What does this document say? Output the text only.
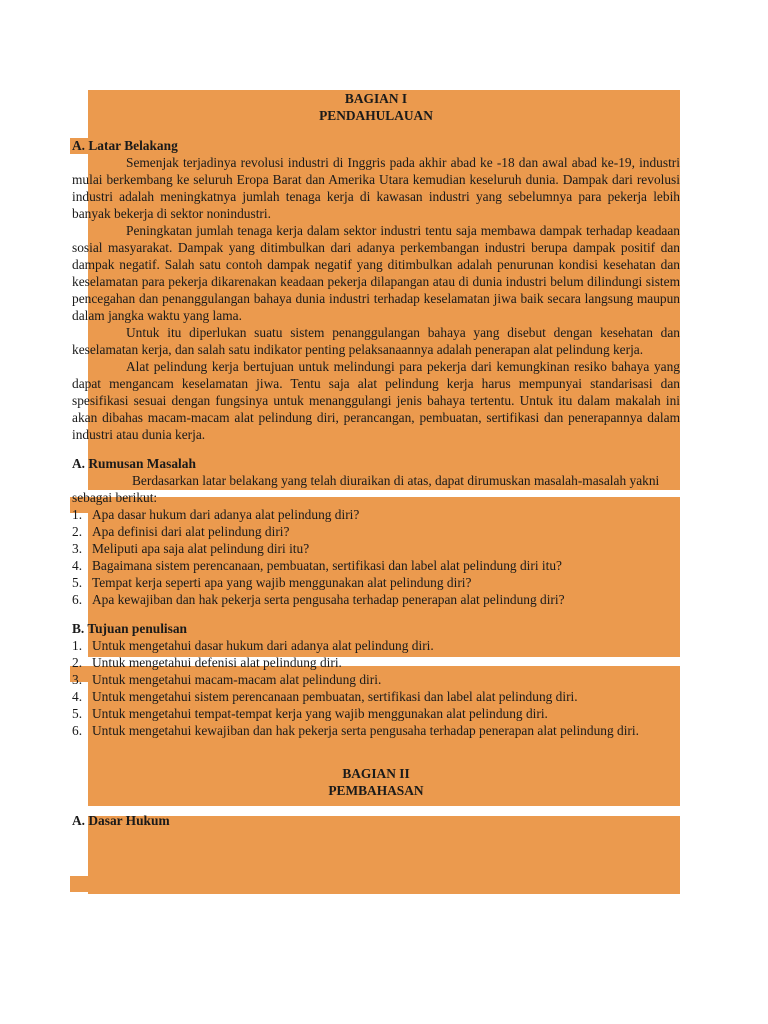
BAGIAN I
PENDAHULAUAN
A. Latar Belakang

Semenjak terjadinya revolusi industri di Inggris pada akhir abad ke -18 dan awal abad ke-19, industri mulai berkembang ke seluruh Eropa Barat dan Amerika Utara kemudian keseluruh dunia. Dampak dari revolusi industri adalah meningkatnya jumlah tenaga kerja di kawasan industri yang sebelumnya para pekerja lebih banyak bekerja di sektor nonindustri.

Peningkatan jumlah tenaga kerja dalam sektor industri tentu saja membawa dampak terhadap keadaan sosial masyarakat. Dampak yang ditimbulkan dari adanya perkembangan industri berupa dampak positif dan dampak negatif. Salah satu contoh dampak negatif yang ditimbulkan adalah penurunan kondisi kesehatan dan keselamatan para pekerja dikarenakan keadaan pekerja dilapangan atau di dunia industri belum dilindungi sistem pencegahan dan penanggulangan bahaya dunia industri terhadap keselamatan jiwa baik secara langsung maupun dalam jangka waktu yang lama.

Untuk itu diperlukan suatu sistem penanggulangan bahaya yang disebut dengan kesehatan dan keselamatan kerja, dan salah satu indikator penting pelaksanaannya adalah penerapan alat pelindung kerja.

Alat pelindung kerja bertujuan untuk melindungi para pekerja dari kemungkinan resiko bahaya yang dapat mengancam keselamatan jiwa. Tentu saja alat pelindung kerja harus mempunyai standarisasi dan spesifikasi sesuai dengan fungsinya untuk menanggulangi jenis bahaya tertentu. Untuk itu dalam makalah ini akan dibahas macam-macam alat pelindung diri, perancangan, pembuatan, sertifikasi dan penerapannya dalam industri atau dunia kerja.

A. Rumusan Masalah

Berdasarkan latar belakang yang telah diuraikan di atas, dapat dirumuskan masalah-masalah yakni sebagai berikut:

1. Apa dasar hukum dari adanya alat pelindung diri?
2. Apa definisi dari alat pelindung diri?
3. Meliputi apa saja alat pelindung diri itu?
4. Bagaimana sistem perencanaan, pembuatan, sertifikasi dan label alat pelindung diri itu?
5. Tempat kerja seperti apa yang wajib menggunakan alat pelindung diri?
6. Apa kewajiban dan hak pekerja serta pengusaha terhadap penerapan alat pelindung diri?
B. Tujuan penulisan
1. Untuk mengetahui dasar hukum dari adanya alat pelindung diri.
2. Untuk mengetahui defenisi alat pelindung diri.
3. Untuk mengetahui macam-macam alat pelindung diri.
4. Untuk mengetahui sistem perencanaan pembuatan, sertifikasi dan label alat pelindung diri.
5. Untuk mengetahui tempat-tempat kerja yang wajib menggunakan alat pelindung diri.
6. Untuk mengetahui kewajiban dan hak pekerja serta pengusaha terhadap penerapan alat pelindung diri.
BAGIAN II
PEMBAHASAN
A. Dasar Hukum
